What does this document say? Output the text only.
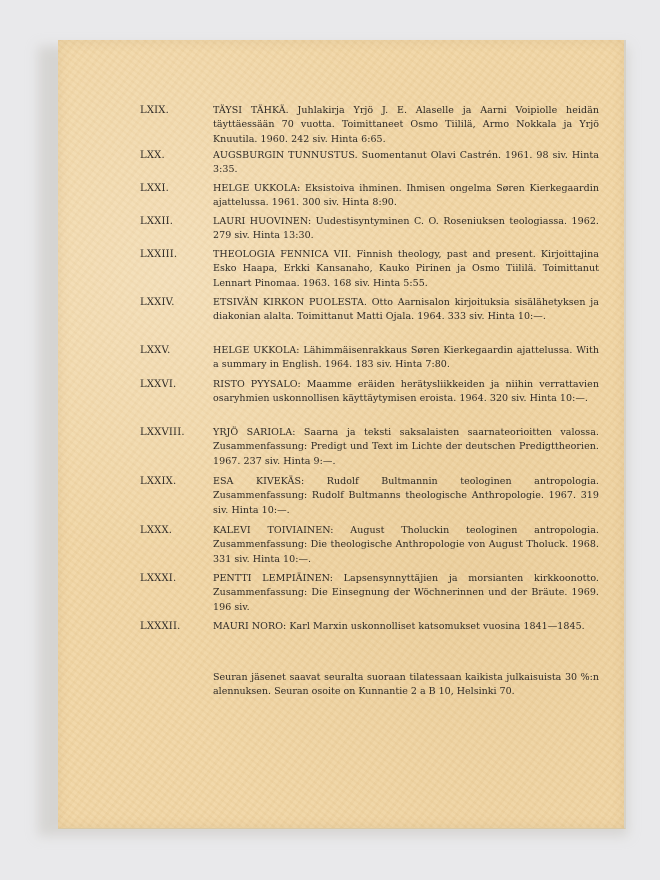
LXIX.	TÄYSI TÄHKÄ. Juhlakirja Yrjö J. E. Alaselle ja Aarni Voipiolle heidän täyttäessään 70 vuotta. Toimittaneet Osmo Tiililä, Armo Nokkala ja Yrjö Knuutila. 1960. 242 siv. Hinta 6:65.
LXX.	AUGSBURGIN TUNNUSTUS. Suomentanut Olavi Castrén. 1961. 98 siv. Hinta 3:35.
LXXI.	HELGE UKKOLA: Eksistoiva ihminen. Ihmisen ongelma Søren Kierkegaardin ajattelussa. 1961. 300 siv. Hinta 8:90.
LXXII.	LAURI HUOVINEN: Uudestisyntyminen C. O. Roseniuksen teologiassa. 1962. 279 siv. Hinta 13:30.
LXXIII.	THEOLOGIA FENNICA VII. Finnish theology, past and present. Kirjoittajina Esko Haapa, Erkki Kansanaho, Kauko Pirinen ja Osmo Tiililä. Toimittanut Lennart Pinomaa. 1963. 168 siv. Hinta 5:55.
LXXIV.	ETSIVÄN KIRKON PUOLESTA. Otto Aarnisalon kirjoituksia sisälähetyksen ja diakonian alalta. Toimittanut Matti Ojala. 1964. 333 siv. Hinta 10:—.
LXXV.	HELGE UKKOLA: Lähimmäisenrakkaus Søren Kierkegaardin ajattelussa. With a summary in English. 1964. 183 siv. Hinta 7:80.
LXXVI.	RISTO PYYSALO: Maamme eräiden herätysliikkeiden ja niihin verrattavien osaryhmien uskonnollisen käyttäytymisen eroista. 1964. 320 siv. Hinta 10:—.
LXXVIII.	YRJÖ SARIOLA: Saarna ja teksti saksalaisten saarnateorioitten valossa. Zusammenfassung: Predigt und Text im Lichte der deutschen Predigttheorien. 1967. 237 siv. Hinta 9:—.
LXXIX.	ESA KIVEKÄS: Rudolf Bultmannin teologinen antropologia. Zusammenfassung: Rudolf Bultmanns theologische Anthropologie. 1967. 319 siv. Hinta 10:—.
LXXX.	KALEVI TOIVIAINEN: August Tholuckin teologinen antropologia. Zusammenfassung: Die theologische Anthropologie von August Tholuck. 1968. 331 siv. Hinta 10:—.
LXXXI.	PENTTI LEMPIÄINEN: Lapsensynnyttäjien ja morsianten kirkkoonotto. Zusammenfassung: Die Einsegnung der Wöchnerinnen und der Bräute. 1969. 196 siv.
LXXXII.	MAURI NORO: Karl Marxin uskonnolliset katsomukset vuosina 1841—1845.
Seuran jäsenet saavat seuralta suoraan tilatessaan kaikista julkaisuista 30 %:n alennuksen. Seuran osoite on Kunnantie 2 a B 10, Helsinki 70.
